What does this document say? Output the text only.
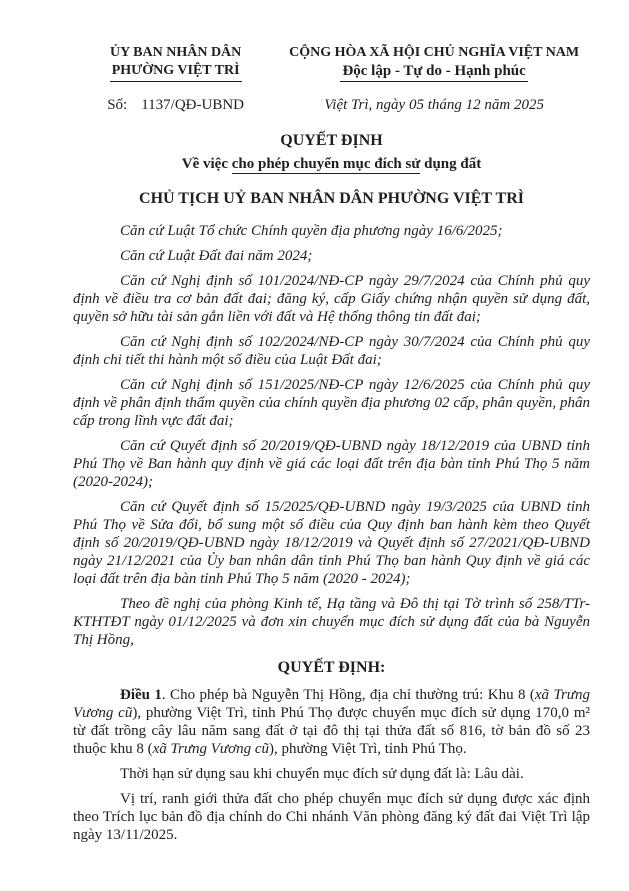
ỦY BAN NHÂN DÂN
PHƯỜNG VIỆT TRÌ
CỘNG HÒA XÃ HỘI CHỦ NGHĨA VIỆT NAM
Độc lập - Tự do - Hạnh phúc
Số: 1137/QĐ-UBND	Việt Trì, ngày 05 tháng 12 năm 2025
QUYẾT ĐỊNH
Về việc cho phép chuyển mục đích sử dụng đất
CHỦ TỊCH UỶ BAN NHÂN DÂN PHƯỜNG VIỆT TRÌ

Căn cứ Luật Tổ chức Chính quyền địa phương ngày 16/6/2025;

Căn cứ Luật Đất đai năm 2024;

Căn cứ Nghị định số 101/2024/NĐ-CP ngày 29/7/2024 của Chính phủ quy định về điều tra cơ bản đất đai; đăng ký, cấp Giấy chứng nhận quyền sử dụng đất, quyền sở hữu tài sản gắn liền với đất và Hệ thống thông tin đất đai;

Căn cứ Nghị định số 102/2024/NĐ-CP ngày 30/7/2024 của Chính phủ quy định chi tiết thi hành một số điều của Luật Đất đai;

Căn cứ Nghị định số 151/2025/NĐ-CP ngày 12/6/2025 của Chính phủ quy định về phân định thẩm quyền của chính quyền địa phương 02 cấp, phân quyền, phân cấp trong lĩnh vực đất đai;

Căn cứ Quyết định số 20/2019/QĐ-UBND ngày 18/12/2019 của UBND tỉnh Phú Thọ về Ban hành quy định về giá các loại đất trên địa bàn tỉnh Phú Thọ 5 năm (2020-2024);

Căn cứ Quyết định số 15/2025/QĐ-UBND ngày 19/3/2025 của UBND tỉnh Phú Thọ về Sửa đổi, bổ sung một số điều của Quy định ban hành kèm theo Quyết định số 20/2019/QĐ-UBND ngày 18/12/2019 và Quyết định số 27/2021/QĐ-UBND ngày 21/12/2021 của Ủy ban nhân dân tỉnh Phú Thọ ban hành Quy định về giá các loại đất trên địa bàn tỉnh Phú Thọ 5 năm (2020 - 2024);

Theo đề nghị của phòng Kinh tế, Hạ tầng và Đô thị tại Tờ trình số 258/TTr-KTHTĐT ngày 01/12/2025 và đơn xin chuyển mục đích sử dụng đất của bà Nguyễn Thị Hồng,

QUYẾT ĐỊNH:

Điều 1. Cho phép bà Nguyễn Thị Hồng, địa chỉ thường trú: Khu 8 (xã Trưng Vương cũ), phường Việt Trì, tỉnh Phú Thọ được chuyển mục đích sử dụng 170,0 m² từ đất trồng cây lâu năm sang đất ở tại đô thị tại thửa đất số 816, tờ bản đồ số 23 thuộc khu 8 (xã Trưng Vương cũ), phường Việt Trì, tỉnh Phú Thọ.

Thời hạn sử dụng sau khi chuyển mục đích sử dụng đất là: Lâu dài.

Vị trí, ranh giới thửa đất cho phép chuyển mục đích sử dụng được xác định theo Trích lục bản đồ địa chính do Chi nhánh Văn phòng đăng ký đất đai Việt Trì lập ngày 13/11/2025.
